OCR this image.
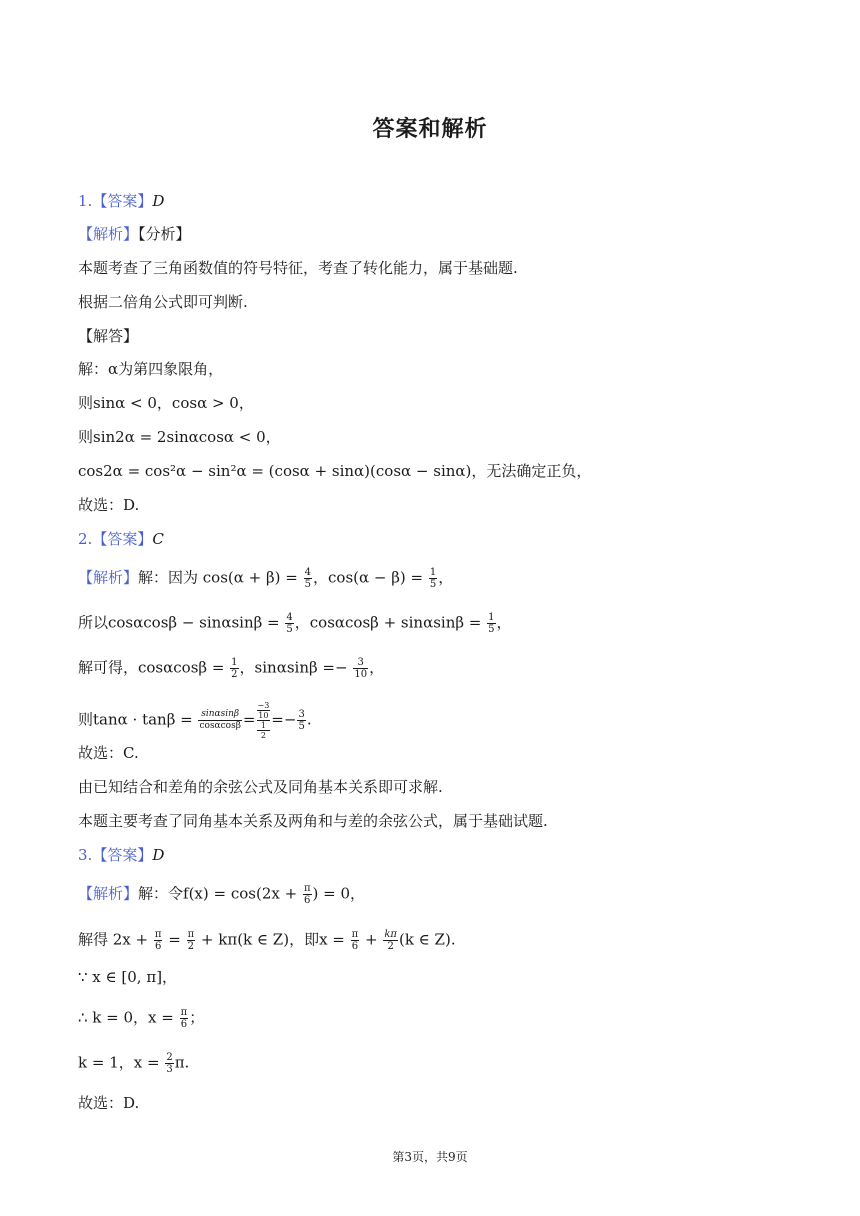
答案和解析
1.【答案】D
【解析】【分析】
本题考查了三角函数值的符号特征，考查了转化能力，属于基础题.
根据二倍角公式即可判断.
【解答】
解：α为第四象限角，
则sinα < 0，cosα > 0，
则sin2α = 2sinαcosα < 0，
cos2α = cos²α − sin²α = (cosα + sinα)(cosα − sinα)，无法确定正负，
故选：D.
2.【答案】C
【解析】解：因为 $\cos(\alpha + \beta) = \frac{4}{5}$ ，$\cos(\alpha - \beta) = \frac{1}{5}$ ，
所以$\cos\alpha\cos\beta - \sin\alpha\sin\beta = \frac{4}{5}$ ，$\cos\alpha\cos\beta + \sin\alpha\sin\beta = \frac{1}{5}$ ，
解可得，$\cos\alpha\cos\beta = \frac{1}{2}$ ，$\sin\alpha\sin\beta =- \frac{3}{10}$ ，
则$\tan\alpha \cdot \tan\beta = \frac{\sin\alpha\sin\beta}{\cos\alpha\cos\beta}$ =
−3
10
1
2
=− $\frac{3}{5}$ .
故选：C.
由已知结合和差角的余弦公式及同角基本关系即可求解.
本题主要考查了同角基本关系及两角和与差的余弦公式，属于基础试题.
3.【答案】D
【解析】解：令$f(x) = \cos(2x + \frac{\pi}{6}$ ) = 0，
解得 $2x + \frac{\pi}{6} = \frac{\pi}{2} + k\pi(k$ ∈ Z)，即$x = \frac{\pi}{6} + \frac{k\pi}{2} (k$ ∈ Z).
∵ x ∈ [0, π]，
∴ k = 0，$x = \frac{\pi}{6}$ ；
k = 1，$x = \frac{2}{3} \pi$.
故选：D.
第3页，共9页
